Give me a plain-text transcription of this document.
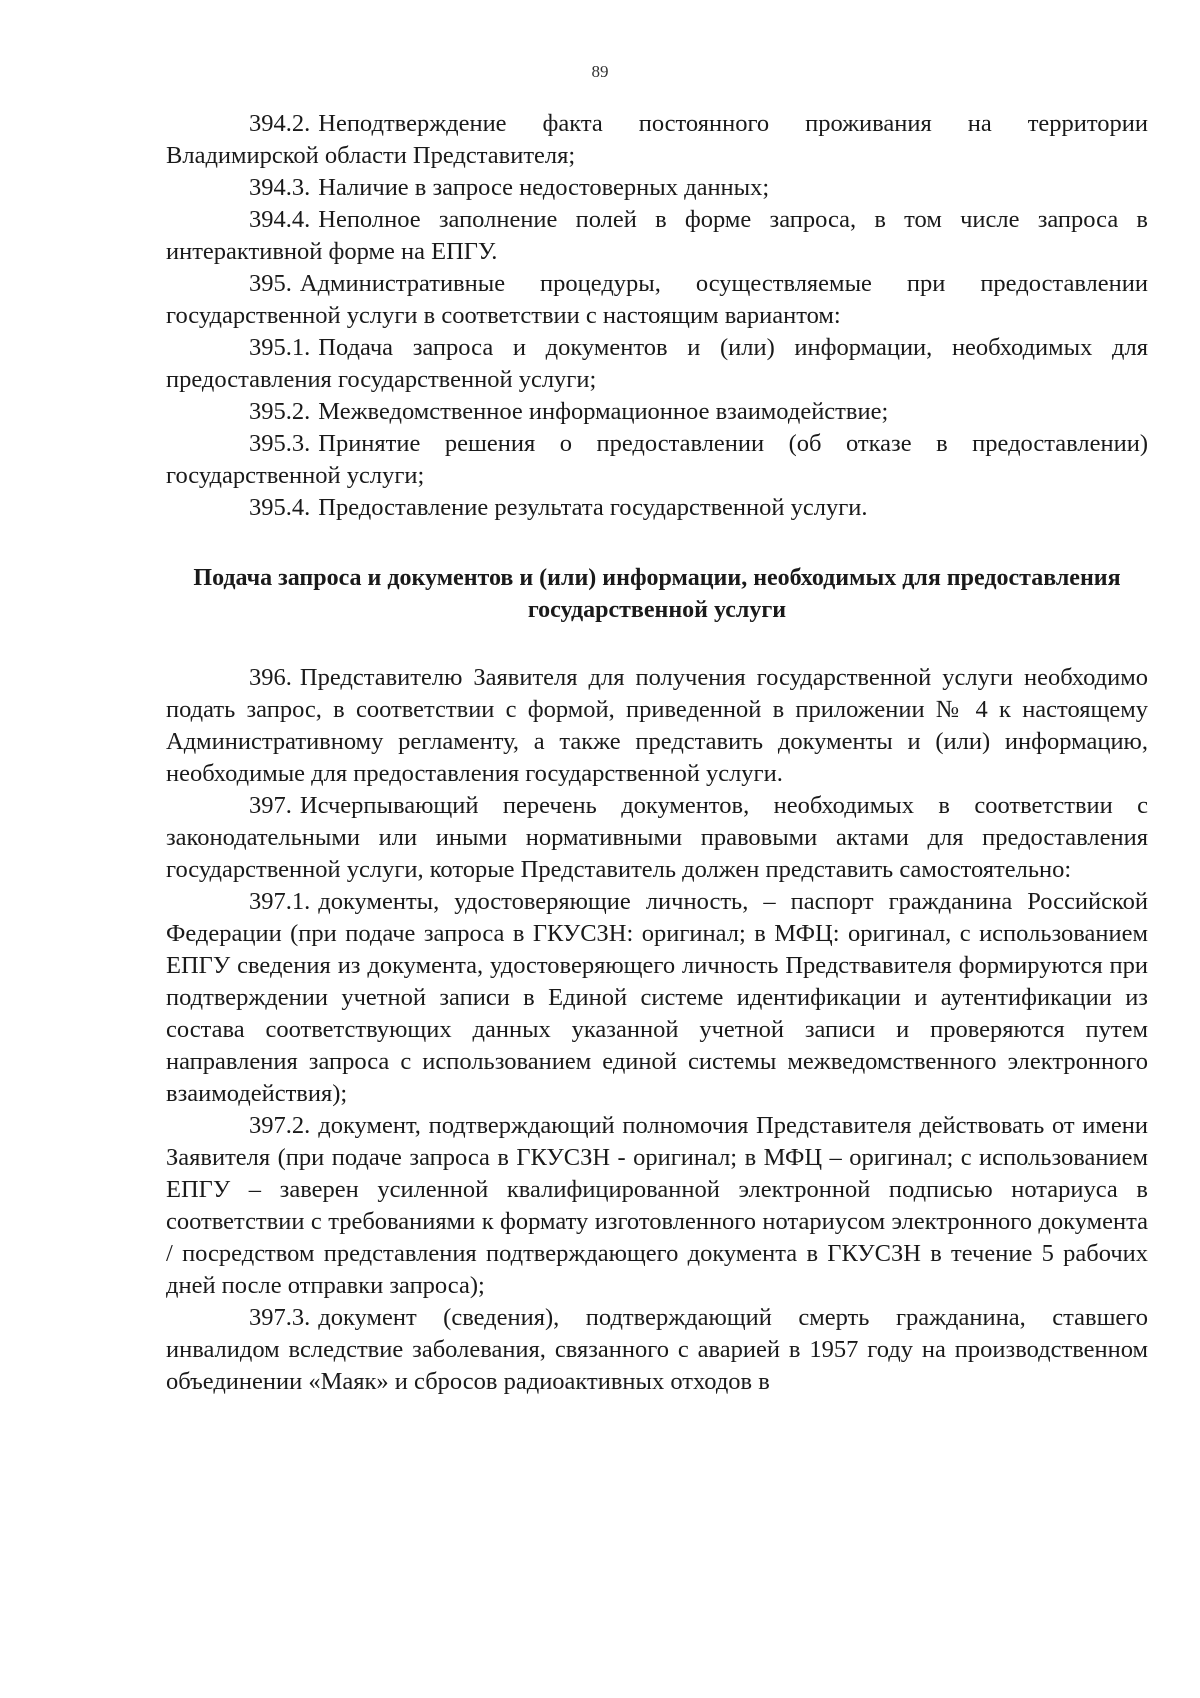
89

394.2. Неподтверждение факта постоянного проживания на территории Владимирской области Представителя;

394.3. Наличие в запросе недостоверных данных;

394.4. Неполное заполнение полей в форме запроса, в том числе запроса в интерактивной форме на ЕПГУ.

395. Административные процедуры, осуществляемые при предоставлении государственной услуги в соответствии с настоящим вариантом:

395.1. Подача запроса и документов и (или) информации, необходимых для предоставления государственной услуги;

395.2. Межведомственное информационное взаимодействие;

395.3. Принятие решения о предоставлении (об отказе в предоставлении) государственной услуги;

395.4. Предоставление результата государственной услуги.

Подача запроса и документов и (или) информации, необходимых для предоставления государственной услуги

396. Представителю Заявителя для получения государственной услуги необходимо подать запрос, в соответствии с формой, приведенной в приложении № 4 к настоящему Административному регламенту, а также представить документы и (или) информацию, необходимые для предоставления государственной услуги.

397. Исчерпывающий перечень документов, необходимых в соответствии с законодательными или иными нормативными правовыми актами для предоставления государственной услуги, которые Представитель должен представить самостоятельно:

397.1. документы, удостоверяющие личность, – паспорт гражданина Российской Федерации (при подаче запроса в ГКУСЗН: оригинал; в МФЦ: оригинал, с использованием ЕПГУ сведения из документа, удостоверяющего личность Предствавителя формируются при подтверждении учетной записи в Единой системе идентификации и аутентификации из состава соответствующих данных указанной учетной записи и проверяются путем направления запроса с использованием единой системы межведомственного электронного взаимодействия);

397.2. документ, подтверждающий полномочия Представителя действовать от имени Заявителя (при подаче запроса в ГКУСЗН - оригинал; в МФЦ – оригинал; с использованием ЕПГУ – заверен усиленной квалифицированной электронной подписью нотариуса в соответствии с требованиями к формату изготовленного нотариусом электронного документа / посредством представления подтверждающего документа в ГКУСЗН в течение 5 рабочих дней после отправки запроса);

397.3. документ (сведения), подтверждающий смерть гражданина, ставшего инвалидом вследствие заболевания, связанного с аварией в 1957 году на производственном объединении «Маяк» и сбросов радиоактивных отходов в
